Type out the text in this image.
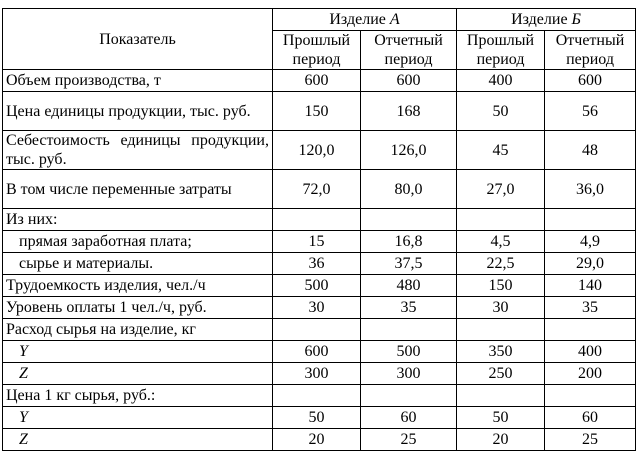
Показатель	Изделие А		Изделие Б	
	Прошлый период	Отчетный период	Прошлый период	Отчетный период
Объем производства, т	600	600	400	600
Цена единицы продукции, тыс. руб.	150	168	50	56
Себестоимость единицы продукции, тыс. руб.	120,0	126,0	45	48
В том числе переменные затраты	72,0	80,0	27,0	36,0
Из них:				
прямая заработная плата;	15	16,8	4,5	4,9
сырье и материалы.	36	37,5	22,5	29,0
Трудоемкость изделия, чел./ч	500	480	150	140
Уровень оплаты 1 чел./ч, руб.	30	35	30	35
Расход сырья на изделие, кг				
Y	600	500	350	400
Z	300	300	250	200
Цена 1 кг сырья, руб.:				
Y	50	60	50	60
Z	20	25	20	25
